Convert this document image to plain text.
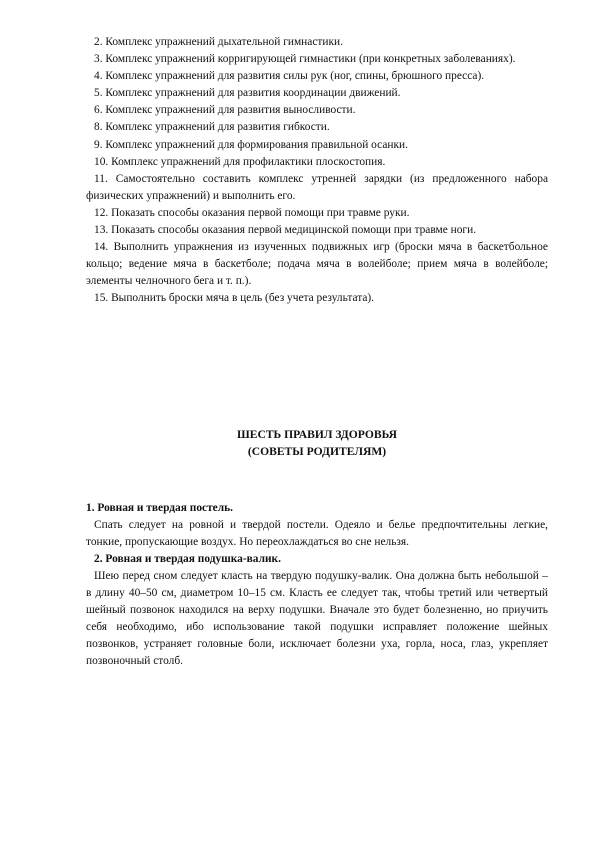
2. Комплекс упражнений дыхательной гимнастики.

3. Комплекс упражнений корригирующей гимнастики (при конкретных заболеваниях).

4. Комплекс упражнений для развития силы рук (ног, спины, брюшного пресса).

5. Комплекс упражнений для развития координации движений.

6. Комплекс упражнений для развития выносливости.

8. Комплекс упражнений для развития гибкости.

9. Комплекс упражнений для формирования правильной осанки.

10. Комплекс упражнений для профилактики плоскостопия.

11. Самостоятельно составить комплекс утренней зарядки (из предложенного набора физических упражнений) и выполнить его.

12. Показать способы оказания первой помощи при травме руки.

13. Показать способы оказания первой медицинской помощи при травме ноги.

14. Выполнить упражнения из изученных подвижных игр (броски мяча в баскетбольное кольцо; ведение мяча в баскетболе; подача мяча в волейболе; прием мяча в волейболе; элементы челночного бега и т. п.).

15. Выполнить броски мяча в цель (без учета результата).

ШЕСТЬ ПРАВИЛ ЗДОРОВЬЯ

(СОВЕТЫ РОДИТЕЛЯМ)

1. Ровная и твердая постель.

Спать следует на ровной и твердой постели. Одеяло и белье предпочтительны легкие, тонкие, пропускающие воздух. Но переохлаждаться во сне нельзя.

2. Ровная и твердая подушка-валик.

Шею перед сном следует класть на твердую подушку-валик. Она должна быть небольшой – в длину 40–50 см, диаметром 10–15 см. Класть ее следует так, чтобы третий или четвертый шейный позвонок находился на верху подушки. Вначале это будет болезненно, но приучить себя необходимо, ибо использование такой подушки исправляет положение шейных позвонков, устраняет головные боли, исключает болезни уха, горла, носа, глаз, укрепляет позвоночный столб.
